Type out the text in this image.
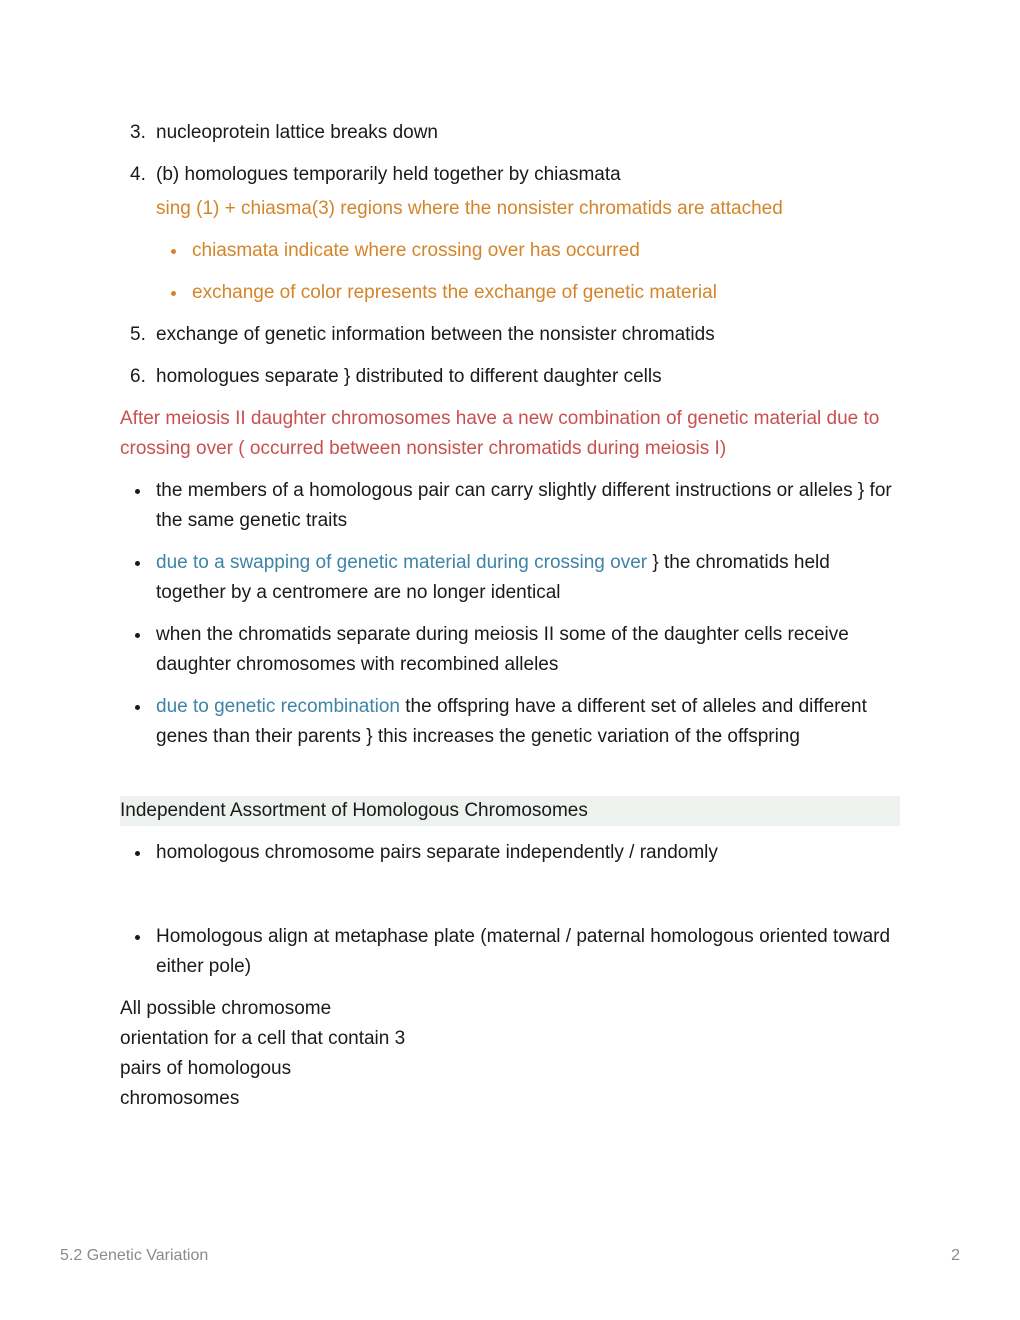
3. nucleoprotein lattice breaks down
4. (b) homologues temporarily held together by chiasmata
sing (1) + chiasma(3) regions where the nonsister chromatids are attached
chiasmata indicate where crossing over has occurred
exchange of color represents the exchange of genetic material
5. exchange of genetic information between the nonsister chromatids
6. homologues separate } distributed to different daughter cells
After meiosis II daughter chromosomes have a new combination of genetic material due to crossing over ( occurred between nonsister chromatids during meiosis I)
the members of a homologous pair can carry slightly different instructions or alleles } for the same genetic traits
due to a swapping of genetic material during crossing over } the chromatids held together by a centromere are no longer identical
when the chromatids separate during meiosis II some of the daughter cells receive daughter chromosomes with recombined alleles
due to genetic recombination the offspring have a different set of alleles and different genes than their parents } this increases the genetic variation of the offspring
Independent Assortment of Homologous Chromosomes
homologous chromosome pairs separate independently / randomly
Homologous align at metaphase plate (maternal / paternal homologous oriented toward either pole)
All possible chromosome orientation for a cell that contain 3 pairs of homologous chromosomes
5.2 Genetic Variation	2
